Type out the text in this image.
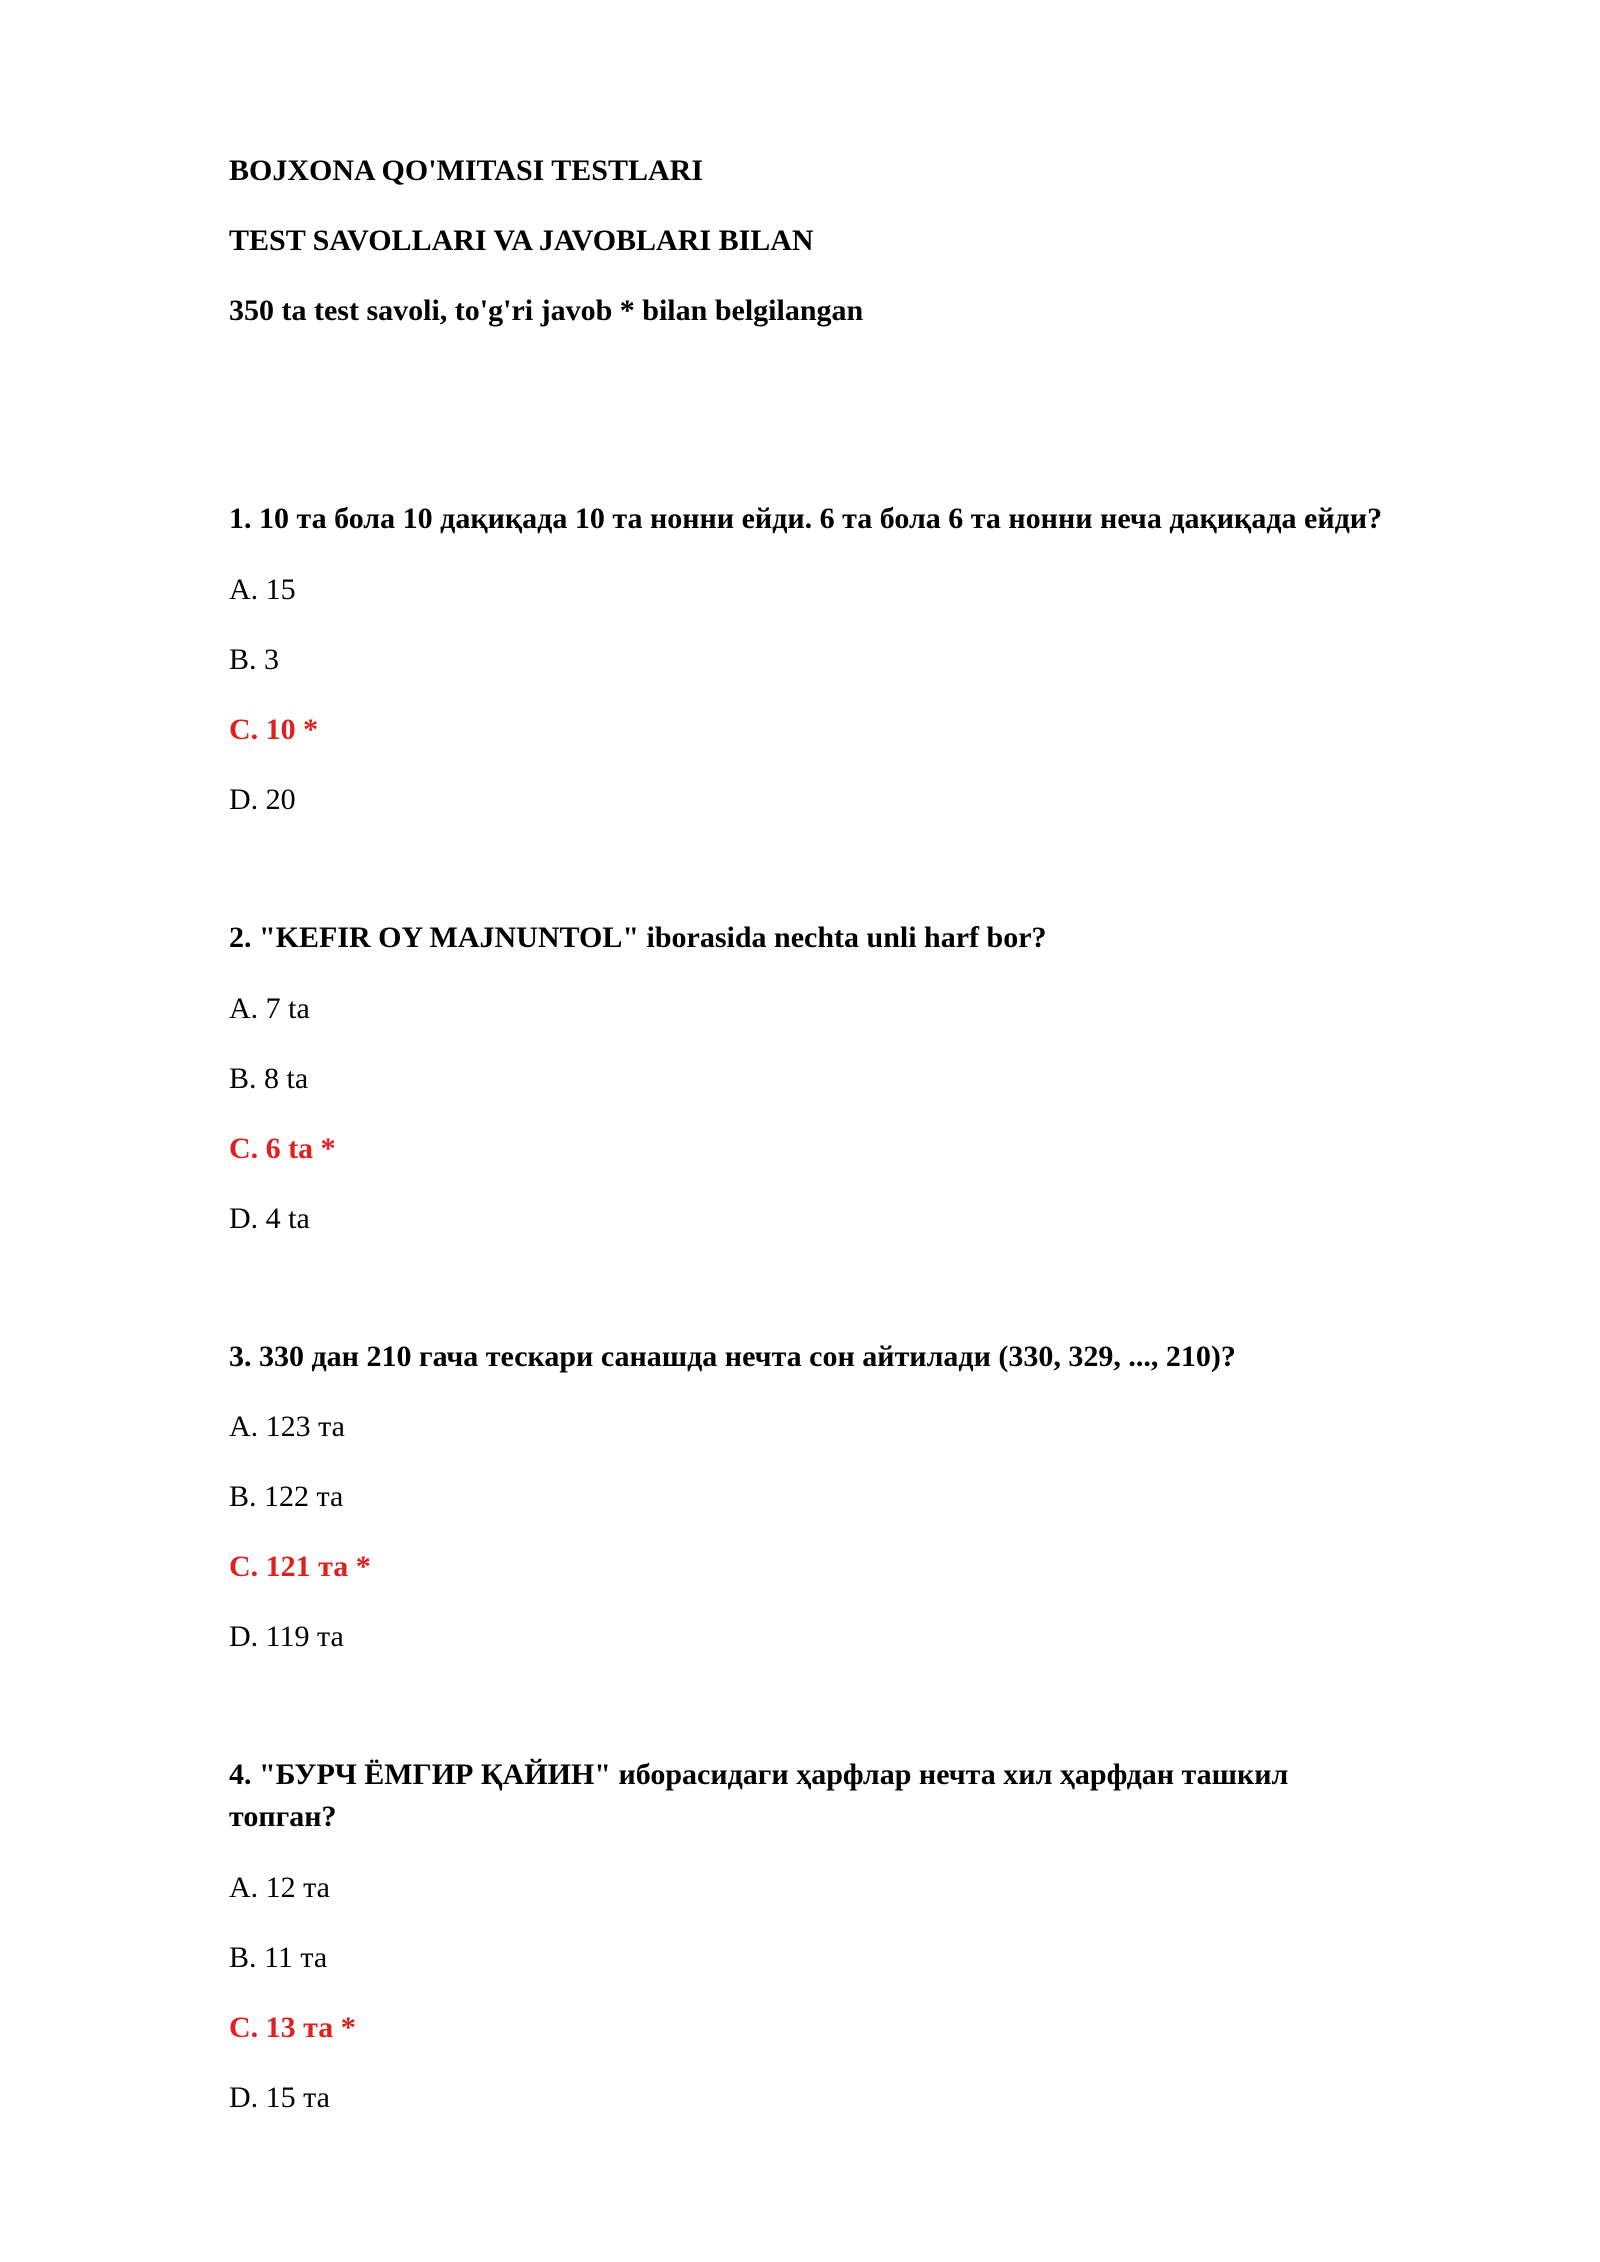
BOJXONA QO'MITASI TESTLARI
TEST SAVOLLARI VA JAVOBLARI BILAN
350 ta test savoli, to'g'ri javob * bilan belgilangan
1. 10 та бола 10 дақиқада 10 та нонни ейди. 6 та бола 6 та нонни неча дақиқада ейди?
A. 15
B. 3
C. 10 *
D. 20
2. "KEFIR OY MAJNUNTOL" iborasida nechta unli harf bor?
A. 7 ta
B. 8 ta
C. 6 ta *
D. 4 ta
3. 330 дан 210 гача тескари санашда нечта сон айтилади (330, 329, ..., 210)?
A. 123 та
B. 122 та
C. 121 та *
D. 119 та
4. "БУРЧ ЁМГИР ҚАЙИН" иборасидаги ҳарфлар нечта хил ҳарфдан ташкил топган?
A. 12 та
B. 11 та
C. 13 та *
D. 15 та
